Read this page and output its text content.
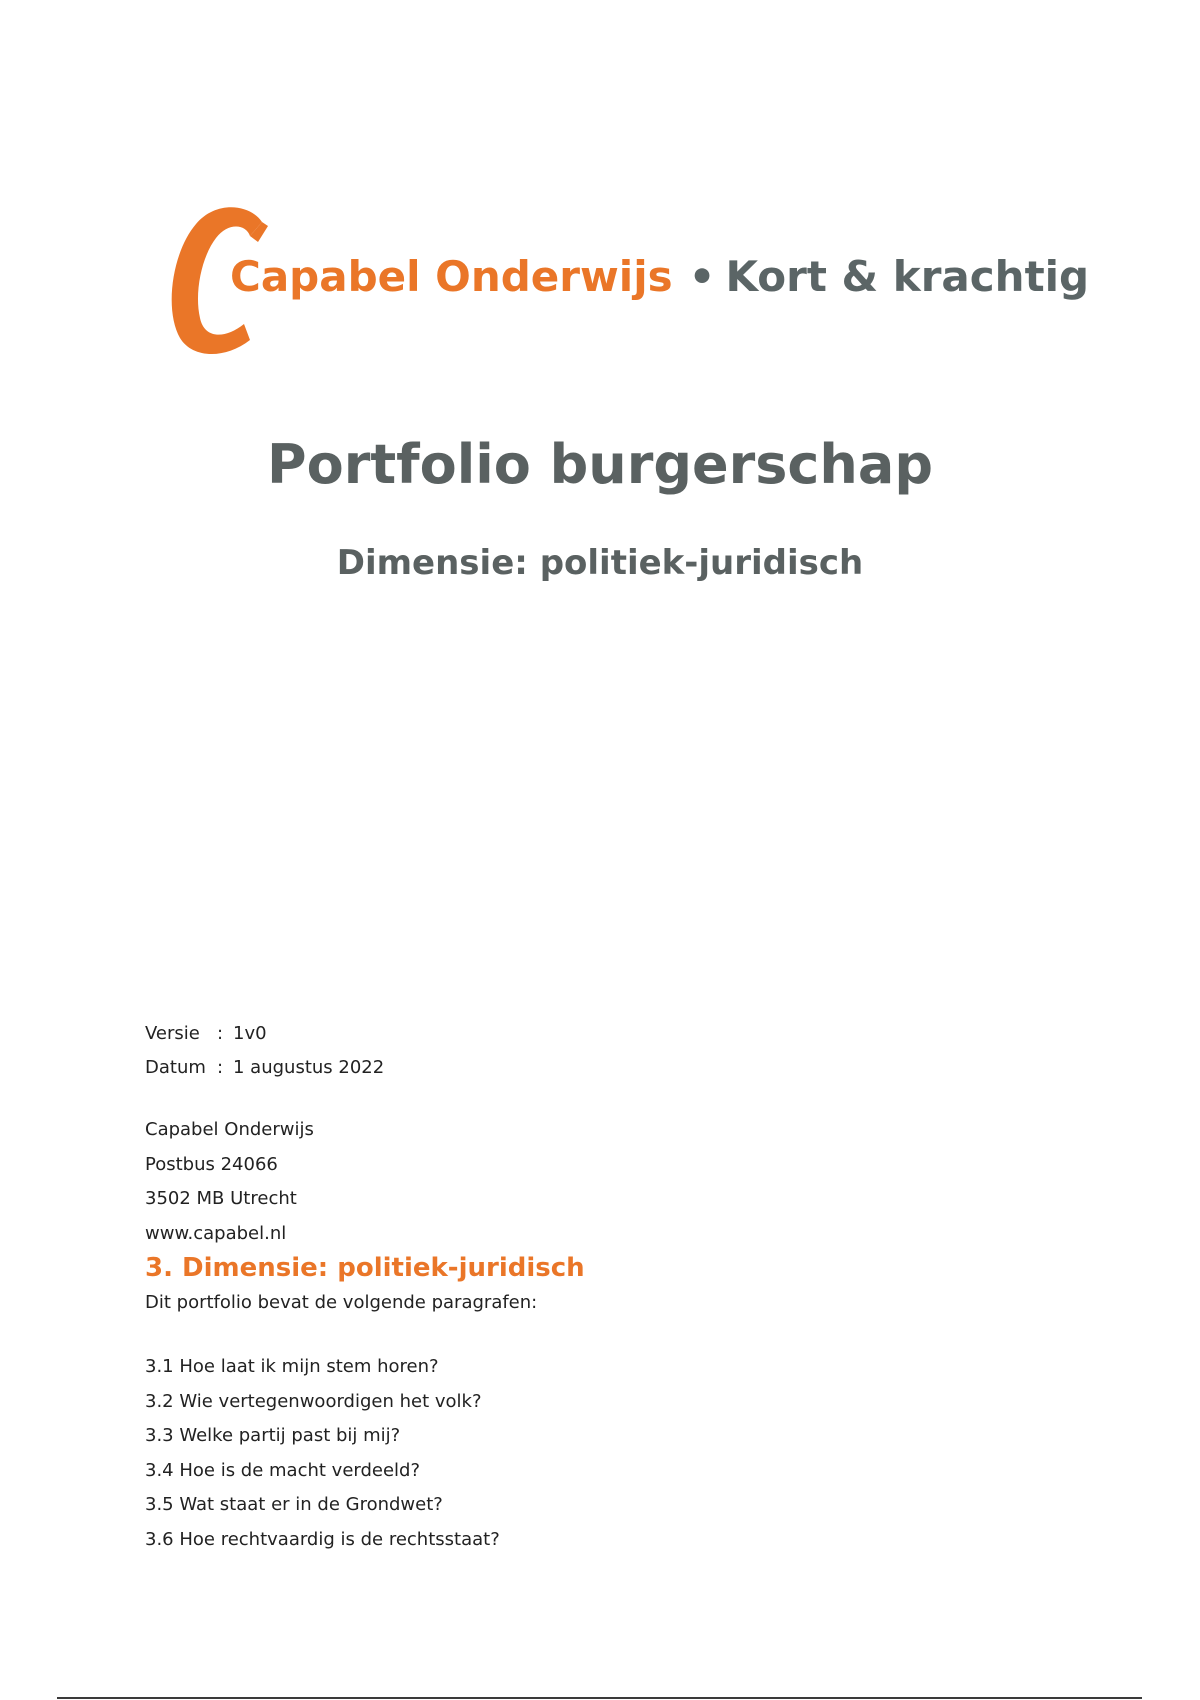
Capabel Onderwijs • Kort & krachtig
Portfolio burgerschap
Dimensie: politiek-juridisch
Versie : 1v0
Datum : 1 augustus 2022
Capabel Onderwijs
Postbus 24066
3502 MB Utrecht
www.capabel.nl
3. Dimensie: politiek-juridisch
Dit portfolio bevat de volgende paragrafen:
3.1 Hoe laat ik mijn stem horen?
3.2 Wie vertegenwoordigen het volk?
3.3 Welke partij past bij mij?
3.4 Hoe is de macht verdeeld?
3.5 Wat staat er in de Grondwet?
3.6 Hoe rechtvaardig is de rechtsstaat?
